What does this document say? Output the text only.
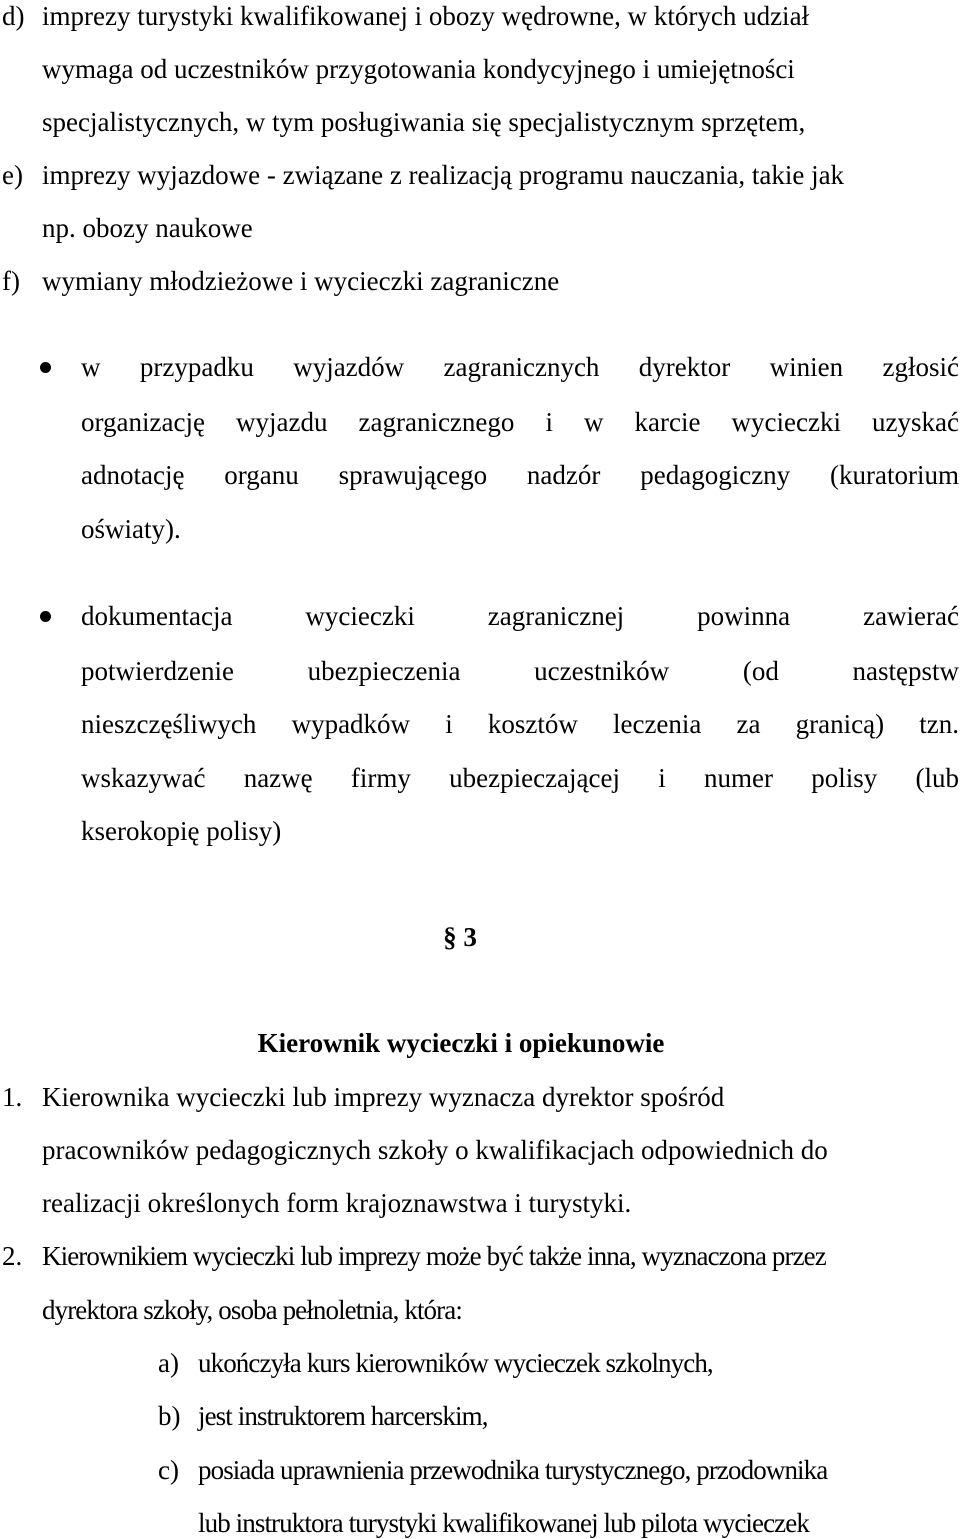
d) imprezy turystyki kwalifikowanej i obozy wędrowne, w których udział
wymaga od uczestników przygotowania kondycyjnego i umiejętności
specjalistycznych, w tym posługiwania się specjalistycznym sprzętem,
e) imprezy wyjazdowe - związane z realizacją programu nauczania, takie jak
np. obozy naukowe
f) wymiany młodzieżowe i wycieczki zagraniczne
w przypadku wyjazdów zagranicznych dyrektor winien zgłosić
organizację wyjazdu zagranicznego i w karcie wycieczki uzyskać
adnotację organu sprawującego nadzór pedagogiczny (kuratorium
oświaty).
dokumentacja wycieczki zagranicznej powinna zawierać
potwierdzenie ubezpieczenia uczestników (od następstw
nieszczęśliwych wypadków i kosztów leczenia za granicą) tzn.
wskazywać nazwę firmy ubezpieczającej i numer polisy (lub
kserokopię polisy)
§ 3
Kierownik wycieczki i opiekunowie
1. Kierownika wycieczki lub imprezy wyznacza dyrektor spośród
pracowników pedagogicznych szkoły o kwalifikacjach odpowiednich do
realizacji określonych form krajoznawstwa i turystyki.
2. Kierownikiem wycieczki lub imprezy może być także inna, wyznaczona przez
dyrektora szkoły, osoba pełnoletnia, która:
a) ukończyła kurs kierowników wycieczek szkolnych,
b) jest instruktorem harcerskim,
c) posiada uprawnienia przewodnika turystycznego, przodownika
lub instruktora turystyki kwalifikowanej lub pilota wycieczek
